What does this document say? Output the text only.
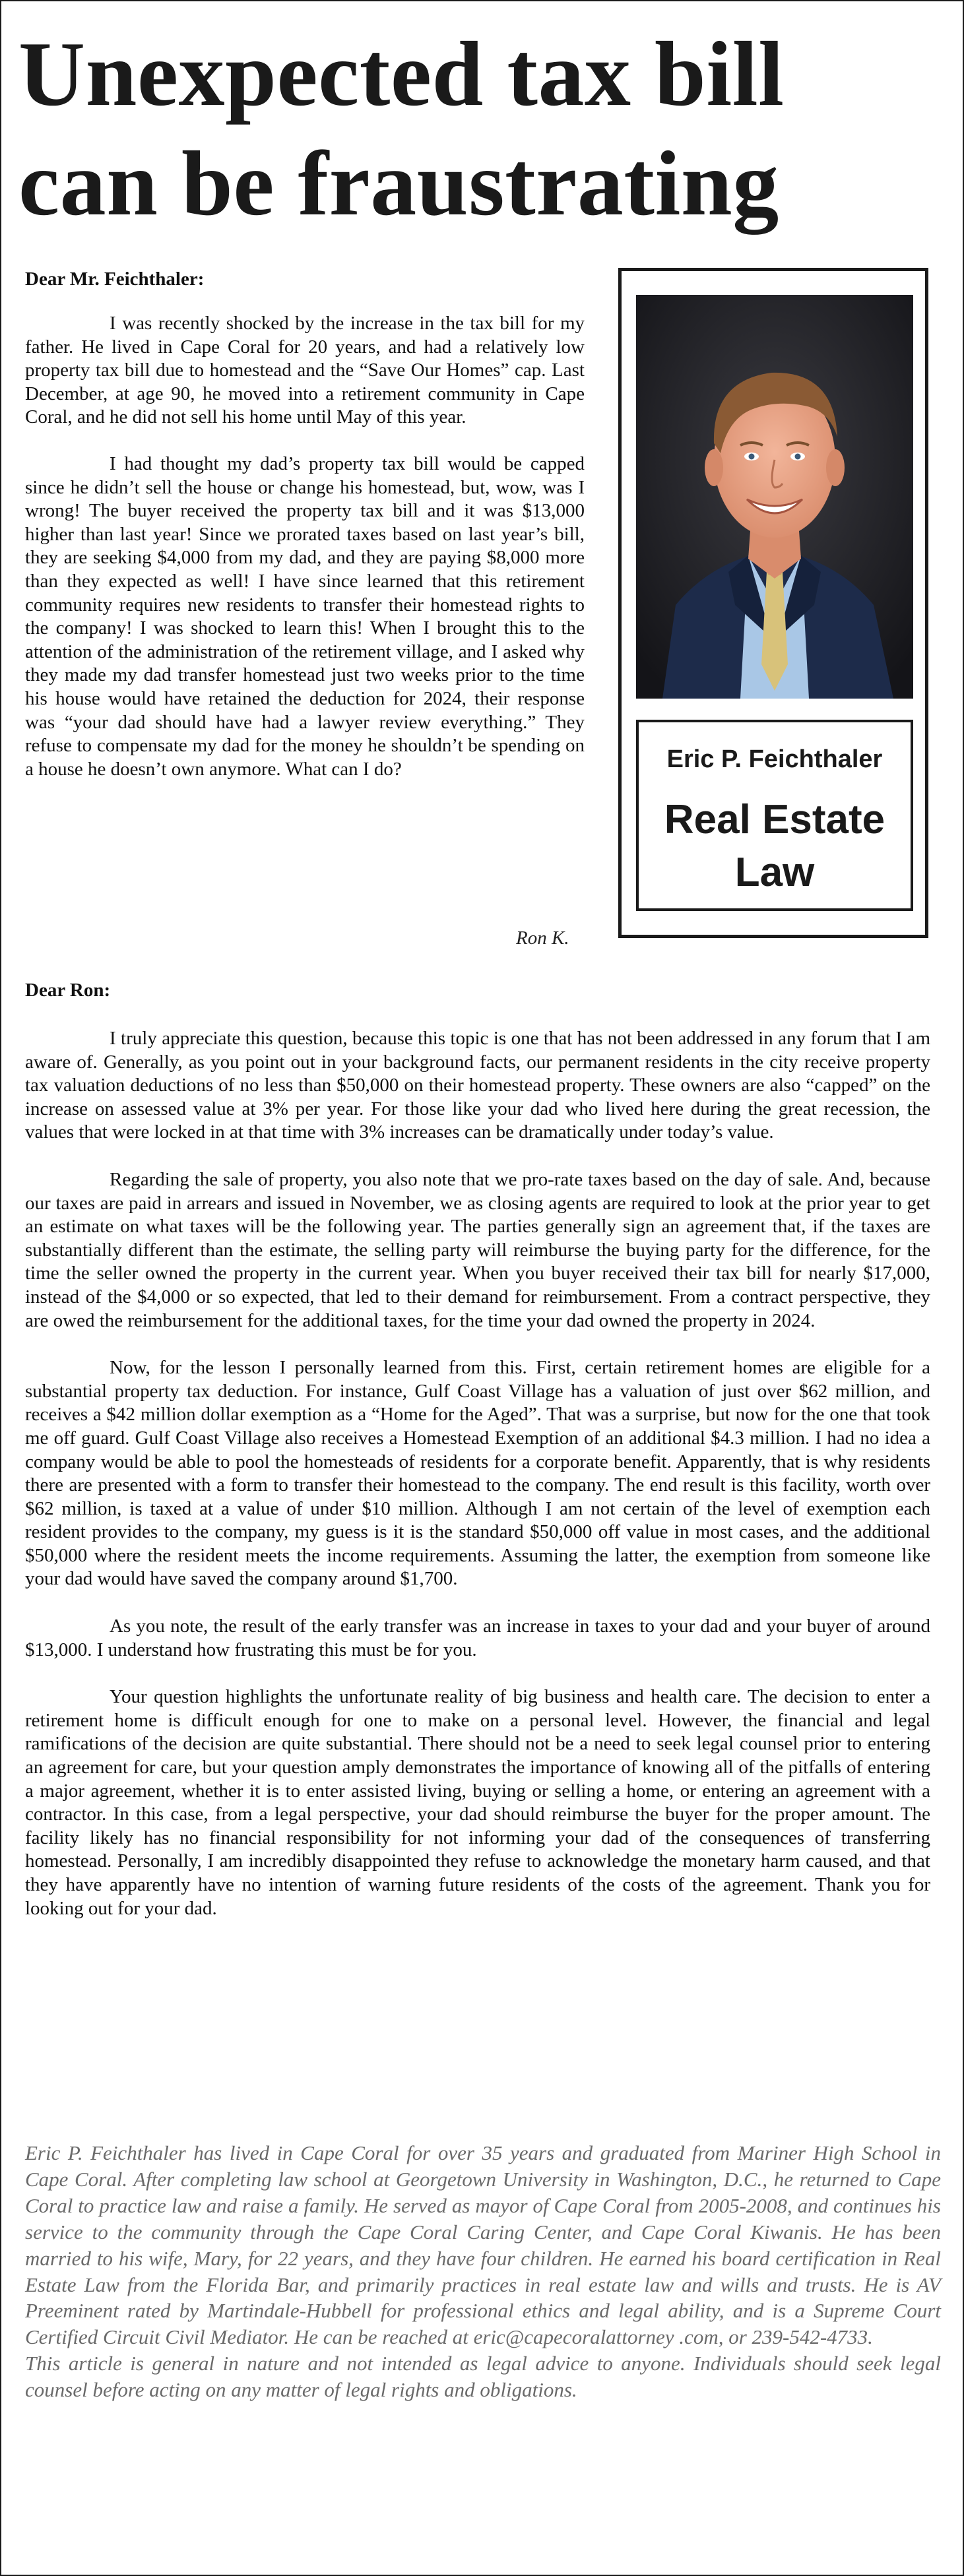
Unexpected tax bill
can be fraustrating

Dear Mr. Feichthaler:

I was recently shocked by the increase in the tax bill for my father. He lived in Cape Coral for 20 years, and had a relatively low property tax bill due to homestead and the “Save Our Homes” cap. Last December, at age 90, he moved into a retirement community in Cape Coral, and he did not sell his home until May of this year.

I had thought my dad’s property tax bill would be capped since he didn’t sell the house or change his homestead, but, wow, was I wrong! The buyer received the property tax bill and it was $13,000 higher than last year! Since we prorated taxes based on last year’s bill, they are seeking $4,000 from my dad, and they are paying $8,000 more than they expected as well! I have since learned that this retirement community requires new residents to transfer their homestead rights to the company! I was shocked to learn this! When I brought this to the attention of the administration of the retirement village, and I asked why they made my dad transfer homestead just two weeks prior to the time his house would have retained the deduction for 2024, their response was “your dad should have had a lawyer review everything.” They refuse to compensate my dad for the money he shouldn’t be spending on a house he doesn’t own anymore. What can I do?

Ron K.
Eric P. Feichthaler
Real Estate
Law

Dear Ron:

I truly appreciate this question, because this topic is one that has not been addressed in any forum that I am aware of. Generally, as you point out in your background facts, our permanent residents in the city receive property tax valuation deductions of no less than $50,000 on their homestead property. These owners are also “capped” on the increase on assessed value at 3% per year. For those like your dad who lived here during the great recession, the values that were locked in at that time with 3% increases can be dramatically under today’s value.

Regarding the sale of property, you also note that we pro-rate taxes based on the day of sale. And, because our taxes are paid in arrears and issued in November, we as closing agents are required to look at the prior year to get an estimate on what taxes will be the following year. The parties generally sign an agreement that, if the taxes are substantially different than the estimate, the selling party will reimburse the buying party for the difference, for the time the seller owned the property in the current year. When you buyer received their tax bill for nearly $17,000, instead of the $4,000 or so expected, that led to their demand for reimbursement. From a contract perspective, they are owed the reimbursement for the additional taxes, for the time your dad owned the property in 2024.

Now, for the lesson I personally learned from this. First, certain retirement homes are eligible for a substantial property tax deduction. For instance, Gulf Coast Village has a valuation of just over $62 million, and receives a $42 million dollar exemption as a “Home for the Aged”. That was a surprise, but now for the one that took me off guard. Gulf Coast Village also receives a Homestead Exemption of an additional $4.3 million. I had no idea a company would be able to pool the homesteads of residents for a corporate benefit. Apparently, that is why residents there are presented with a form to transfer their homestead to the company. The end result is this facility, worth over $62 million, is taxed at a value of under $10 million. Although I am not certain of the level of exemption each resident provides to the company, my guess is it is the standard $50,000 off value in most cases, and the additional $50,000 where the resident meets the income requirements. Assuming the latter, the exemption from someone like your dad would have saved the company around $1,700.

As you note, the result of the early transfer was an increase in taxes to your dad and your buyer of around $13,000. I understand how frustrating this must be for you.

Your question highlights the unfortunate reality of big business and health care. The decision to enter a retirement home is difficult enough for one to make on a personal level. However, the financial and legal ramifications of the decision are quite substantial. There should not be a need to seek legal counsel prior to entering an agreement for care, but your question amply demonstrates the importance of knowing all of the pitfalls of entering a major agreement, whether it is to enter assisted living, buying or selling a home, or entering an agreement with a contractor. In this case, from a legal perspective, your dad should reimburse the buyer for the proper amount. The facility likely has no financial responsibility for not informing your dad of the consequences of transferring homestead. Personally, I am incredibly disappointed they refuse to acknowledge the monetary harm caused, and that they have apparently have no intention of warning future residents of the costs of the agreement. Thank you for looking out for your dad.

Eric P. Feichthaler has lived in Cape Coral for over 35 years and graduated from Mariner High School in Cape Coral. After completing law school at Georgetown University in Washington, D.C., he returned to Cape Coral to practice law and raise a family. He served as mayor of Cape Coral from 2005-2008, and continues his service to the community through the Cape Coral Caring Center, and Cape Coral Kiwanis. He has been married to his wife, Mary, for 22 years, and they have four children. He earned his board certification in Real Estate Law from the Florida Bar, and primarily practices in real estate law and wills and trusts. He is AV Preeminent rated by Martindale-Hubbell for professional ethics and legal ability, and is a Supreme Court Certified Circuit Civil Mediator. He can be reached at eric@capecoralattorney .com, or 239-542-4733.

This article is general in nature and not intended as legal advice to anyone. Individuals should seek legal counsel before acting on any matter of legal rights and obligations.
